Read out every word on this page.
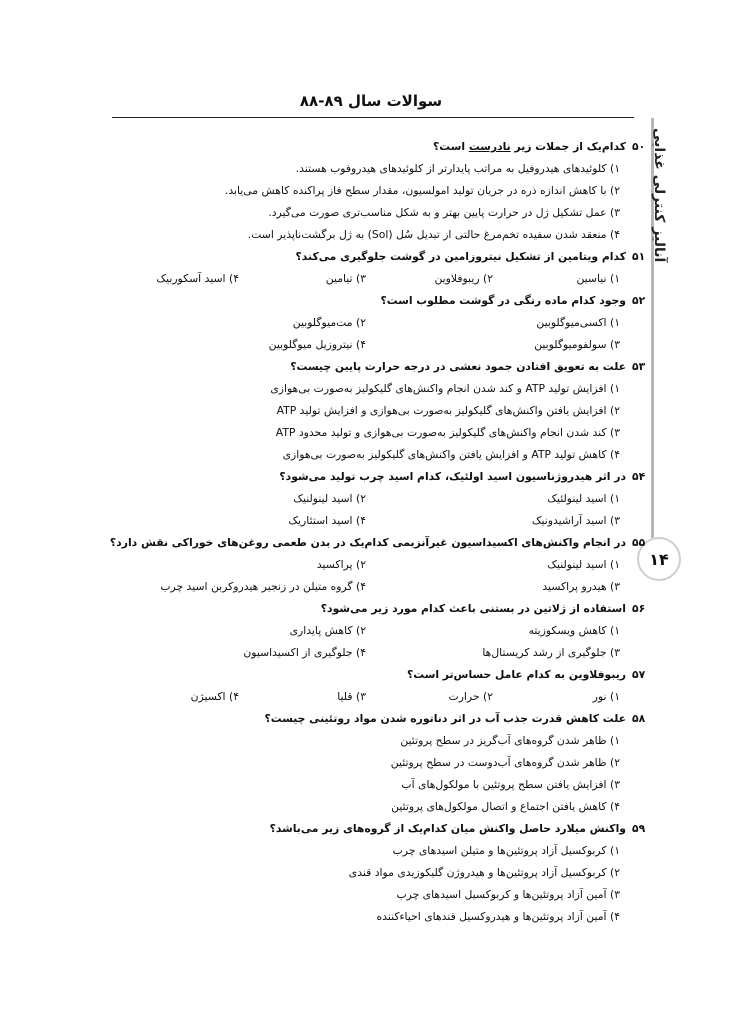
سوالات سال ۸۹-۸۸
آنالیز کنترلی غذایی
۱۴
۵۰
کدام‌یک از جملات زیر نادرست است؟
۱) کلوئیدهای هیدروفیل به مراتب پایدارتر از کلوئیدهای هیدروفوب هستند.
۲) با کاهش اندازه ذره در جریان تولید امولسیون، مقدار سطح فاز پراکنده کاهش می‌یابد.
۳) عمل تشکیل ژل در حرارت پایین بهتر و به شکل مناسب‌تری صورت می‌گیرد.
۴) منعقد شدن سفیده تخم‌مرغ حالتی از تبدیل سُل (Sol) به ژل برگشت‌ناپذیر است.
۵۱
کدام ویتامین از تشکیل نیتروزامین در گوشت جلوگیری می‌کند؟
۱) نیاسین
۲) ریبوفلاوین
۳) تیامین
۴) اسید آسکوربیک
۵۲
وجود کدام ماده رنگی در گوشت مطلوب است؟
۱) اکسی‌میوگلوبین
۲) مت‌میوگلوبین
۳) سولفومیوگلوبین
۴) نیتروزیل میوگلوبین
۵۳
علت به تعویق افتادن جمود نعشی در درجه حرارت پایین چیست؟
۱) افزایش تولید ATP و کند شدن انجام واکنش‌های گلیکولیز به‌صورت بی‌هوازی
۲) افزایش یافتن واکنش‌های گلیکولیز به‌صورت بی‌هوازی و افزایش تولید ATP
۳) کند شدن انجام واکنش‌های گلیکولیز به‌صورت بی‌هوازی و تولید محدود ATP
۴) کاهش تولید ATP و افزایش یافتن واکنش‌های گلیکولیز به‌صورت بی‌هوازی
۵۴
در اثر هیدروژناسیون اسید اولئیک، کدام اسید چرب تولید می‌شود؟
۱) اسید لینولئیک
۲) اسید لینولنیک
۳) اسید آراشیدونیک
۴) اسید استئاریک
۵۵
در انجام واکنش‌های اکسیداسیون غیرآنزیمی کدام‌یک در بدن طعمی روغن‌های خوراکی نقش دارد؟
۱) اسید لینولنیک
۲) پراکسید
۳) هیدرو پراکسید
۴) گروه متیلن در زنجیر هیدروکربن اسید چرب
۵۶
استفاده از ژلاتین در بستنی باعث کدام مورد زیر می‌شود؟
۱) کاهش ویسکوزیته
۲) کاهش پایداری
۳) جلوگیری از رشد کریستال‌ها
۴) جلوگیری از اکسیداسیون
۵۷
ریبوفلاوین به کدام عامل حساس‌تر است؟
۱) نور
۲) حرارت
۳) قلیا
۴) اکسیژن
۵۸
علت کاهش قدرت جذب آب در اثر دناتوره شدن مواد روتئینی چیست؟
۱) ظاهر شدن گروه‌های آب‌گریز در سطح پروتئین
۲) ظاهر شدن گروه‌های آب‌دوست در سطح پروتئین
۳) افزایش یافتن سطح پروتئین با مولکول‌های آب
۴) کاهش یافتن اجتماع و اتصال مولکول‌های پروتئین
۵۹
واکنش میلارد حاصل واکنش میان کدام‌یک از گروه‌های زیر می‌باشد؟
۱) کربوکسیل آزاد پروتئین‌ها و متیلن اسیدهای چرب
۲) کربوکسیل آزاد پروتئین‌ها و هیدروژن گلیکوزیدی مواد قندی
۳) آمین آزاد پروتئین‌ها و کربوکسیل اسیدهای چرب
۴) آمین آزاد پروتئین‌ها و هیدروکسیل قندهای احیاءکننده
